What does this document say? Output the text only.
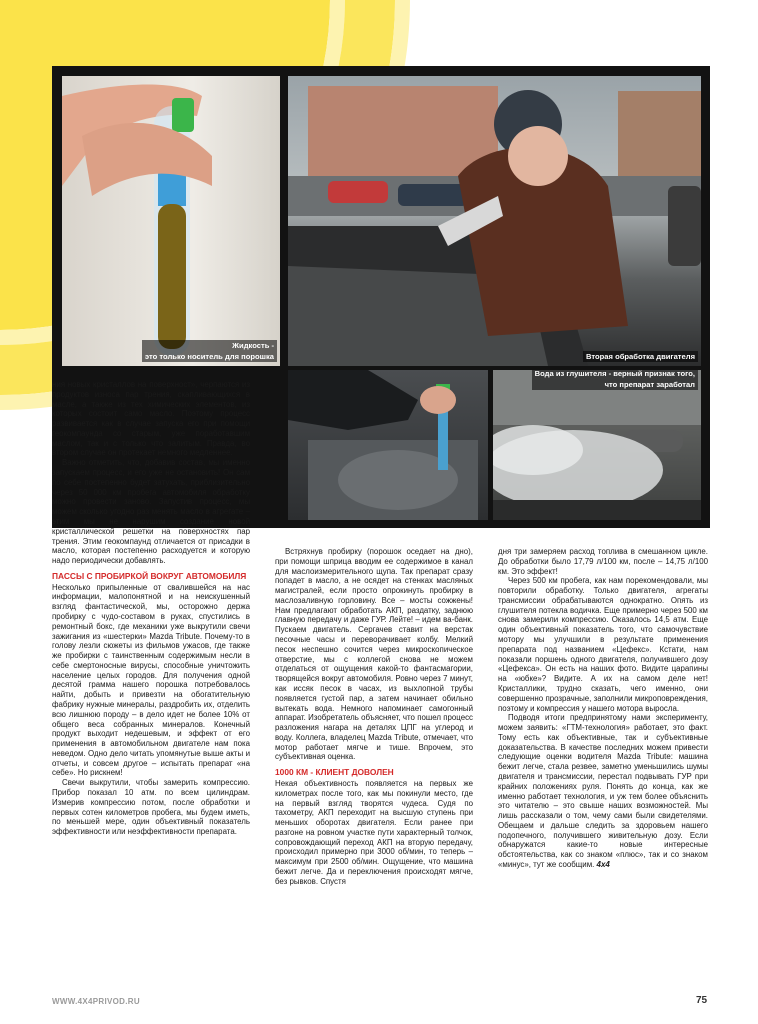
Жидкость -
это только носитель для порошка	Вторая обработка двигателя
Вода из глушителя - верный признак того,
что препарат заработал

ния новых кристаллов на поверхност», черпаются из продуктов износа пар трения, скапливающихся в масле, а также из тех химических элементов, из которых состоит само масло. Поэтому процесс развивается как в случае запуска его при помощи геокомпаунда со старым, уже поработавшим маслом, так и с только что залитым. Правда, во втором случае он протекает немного медленнее.

Важно отметить, что, добавив состав, мы именно запускаем процесс, и его уже не остановить! Он сам по себе постепенно будет затухать, приблизительно через 50 000 км пробега автомобиля обработку можно провести заново. Запустив процесс, мы можем сколько угодно раз менять масло в агрегате – этим мы не нарушим создание новой кристаллической решетки на поверхностях пар трения. Этим геокомпаунд отличается от присадки в масло, которая постепенно расходуется и которую надо периодически добавлять.

ПАССЫ С ПРОБИРКОЙ ВОКРУГ АВТОМОБИЛЯ

Несколько припыленные от свалившейся на нас информации, малопонятной и на неискушенный взгляд фантастической, мы, осторожно держа пробирку с чудо-составом в руках, спустились в ремонтный бокс, где механики уже выкрутили свечи зажигания из «шестерки» Mazda Tribute. Почему-то в голову лезли сюжеты из фильмов ужасов, где также же пробирки с таинственным содержимым несли в себе смертоносные вирусы, способные уничтожить население целых городов. Для получения одной десятой грамма нашего порошка потребовалось найти, добыть и привезти на обогатительную фабрику нужные минералы, раздробить их, отделить всю лишнюю породу – в дело идет не более 10% от общего веса собранных минералов. Конечный продукт выходит недешевым, и эффект от его применения в автомобильном двигателе нам пока неведом. Одно дело читать упомянутые выше акты и отчеты, и совсем другое – испытать препарат «на себе». Но рискнем!

Свечи выкрутили, чтобы замерить компрессию. Прибор показал 10 атм. по всем цилиндрам. Измерив компрессию потом, после обработки и первых сотен километров пробега, мы будем иметь, по меньшей мере, один объективный показатель эффективности или неэффективности препарата.

Встряхнув пробирку (порошок оседает на дно), при помощи шприца вводим ее содержимое в канал для маслоизмерительного щупа. Так препарат сразу попадет в масло, а не осядет на стенках масляных магистралей, если просто опрокинуть пробирку в маслозаливную горловину. Все – мосты сожжены! Нам предлагают обработать АКП, раздатку, заднюю главную передачу и даже ГУР. Лейте! – идем ва-банк. Пускаем двигатель. Сергачев ставит на верстак песочные часы и переворачивает колбу. Мелкий песок неспешно сочится через микроскопическое отверстие, мы с коллегой снова не можем отделаться от ощущения какой-то фантасмагории, творящейся вокруг автомобиля. Ровно через 7 минут, как иссяк песок в часах, из выхлопной трубы появляется густой пар, а затем начинает обильно вытекать вода. Немного напоминает самогонный аппарат. Изобретатель объясняет, что пошел процесс разложения нагара на деталях ЦПГ на углерод и воду. Коллега, владелец Mazda Tribute, отмечает, что мотор работает мягче и тише. Впрочем, это субъективная оценка.

1000 КМ - КЛИЕНТ ДОВОЛЕН

Некая объективность появляется на первых же километрах после того, как мы покинули место, где на первый взгляд творятся чудеса. Судя по тахометру, АКП переходит на высшую ступень при меньших оборотах двигателя. Если ранее при разгоне на ровном участке пути характерный толчок, сопровождающий переход АКП на вторую передачу, происходил примерно при 3000 об/мин, то теперь – максимум при 2500 об/мин. Ощущение, что машина бежит легче. Да и переключения происходят мягче, без рывков. Спустя

дня три замеряем расход топлива в смешанном цикле. До обработки было 17,79 л/100 км, после – 14,75 л/100 км. Это эффект!

Через 500 км пробега, как нам порекомендовали, мы повторили обработку. Только двигателя, агрегаты трансмиссии обрабатываются однократно. Опять из глушителя потекла водичка. Еще примерно через 500 км снова замерили компрессию. Оказалось 14,5 атм. Еще один объективный показатель того, что самочувствие мотору мы улучшили в результате применения препарата под названием «Цефекс». Кстати, нам показали поршень одного двигателя, получившего дозу «Цефекса». Он есть на наших фото. Видите царапины на «юбке»? Видите. А их на самом деле нет! Кристаллики, трудно сказать, чего именно, они совершенно прозрачные, заполнили микроповреждения, поэтому и компрессия у нашего мотора выросла.

Подводя итоги предпринятому нами эксперименту, можем заявить: «ГТМ-технология» работает, это факт. Тому есть как объективные, так и субъективные доказательства. В качестве последних можем привести следующие оценки водителя Mazda Tribute: машина бежит легче, стала резвее, заметно уменьшились шумы двигателя и трансмиссии, перестал подвывать ГУР при крайних положениях руля. Понять до конца, как же именно работает технология, и уж тем более объяснить это читателю – это свыше наших возможностей. Мы лишь рассказали о том, чему сами были свидетелями. Обещаем и дальше следить за здоровьем нашего подопечного, получившего живительную дозу. Если обнаружатся какие-то новые интересные обстоятельства, как со знаком «плюс», так и со знаком «минус», тут же сообщим. 4x4

WWW.4X4PRIVOD.RU	75
